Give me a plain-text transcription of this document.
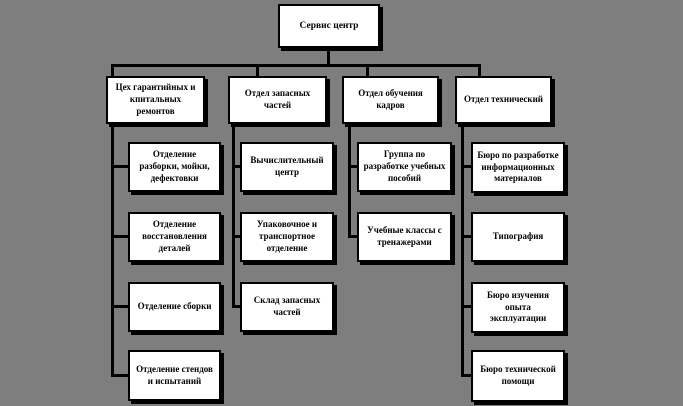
Сервис центр
Цех гарантийных и кпитальных ремонтов
Отдел запасных частей
Отдел обучения кадров
Отдел технический
Отделение разборки, мойки, дефектовки
Отделение восстановления деталей
Отделение сборки
Отделение стендов и испытаний
Вычислительный центр
Упаковочное и транспортное отделение
Склад запасных частей
Группа по разработке учебных пособий
Учебные классы с тренажерами
Бюро по разработке информационных материалов
Типография
Бюро изучения опыта эксплуатации
Бюро технической помощи
